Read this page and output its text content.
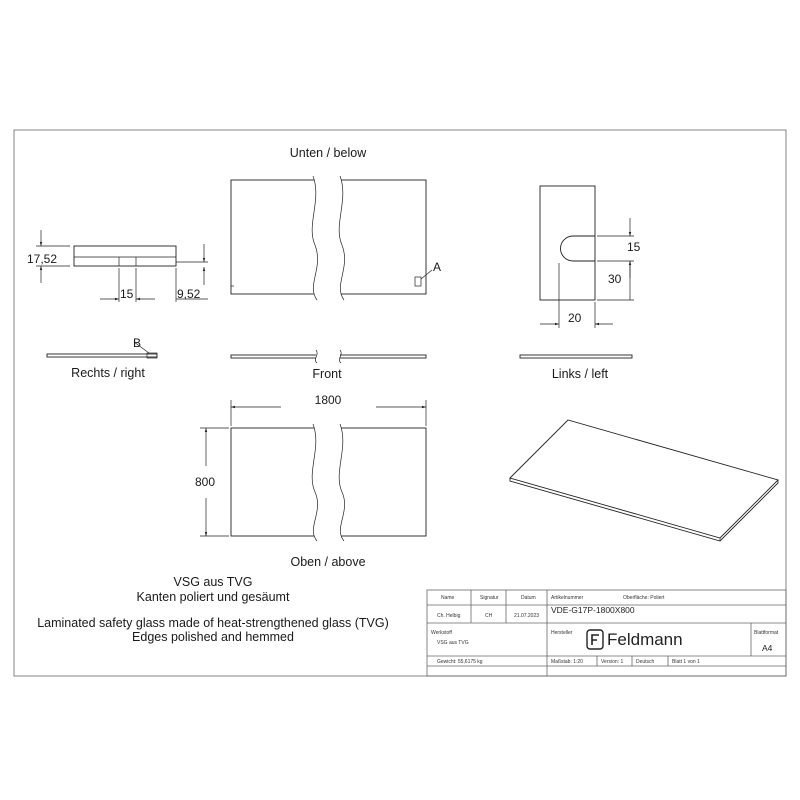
Unten / below
A
17,52
15	9,52
15
30
20
B
Rechts / right	Front	Links / left
1800
800
Oben / above
VSG aus TVG
Kanten poliert und gesäumt
Laminated safety glass made of heat-strengthened glass (TVG)
Edges polished and hemmed
Name	Signatur	Datum
Ch. Helbig	CH	21.07.2023
Artikelnummer	Oberfläche: Poliert
VDE-G17P-1800X800
Werkstoff
VSG aus TVG
Hersteller Feldmann	Blattformat
A4
Gewicht: 55,6175 kg	Maßstab: 1:20	Version: 1	Deutsch	Blatt 1 von 1
